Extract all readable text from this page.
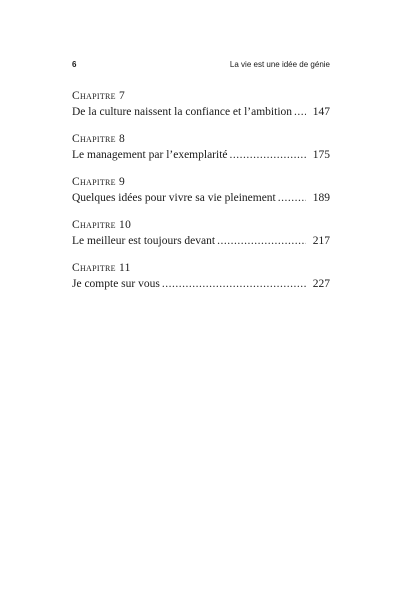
6	La vie est une idée de génie
Chapitre 7
De la culture naissent la confiance et l’ambition .....	147
Chapitre 8
Le management par l’exemplarité .....	175
Chapitre 9
Quelques idées pour vivre sa vie pleinement .....	189
Chapitre 10
Le meilleur est toujours devant .....	217
Chapitre 11
Je compte sur vous .....	227
